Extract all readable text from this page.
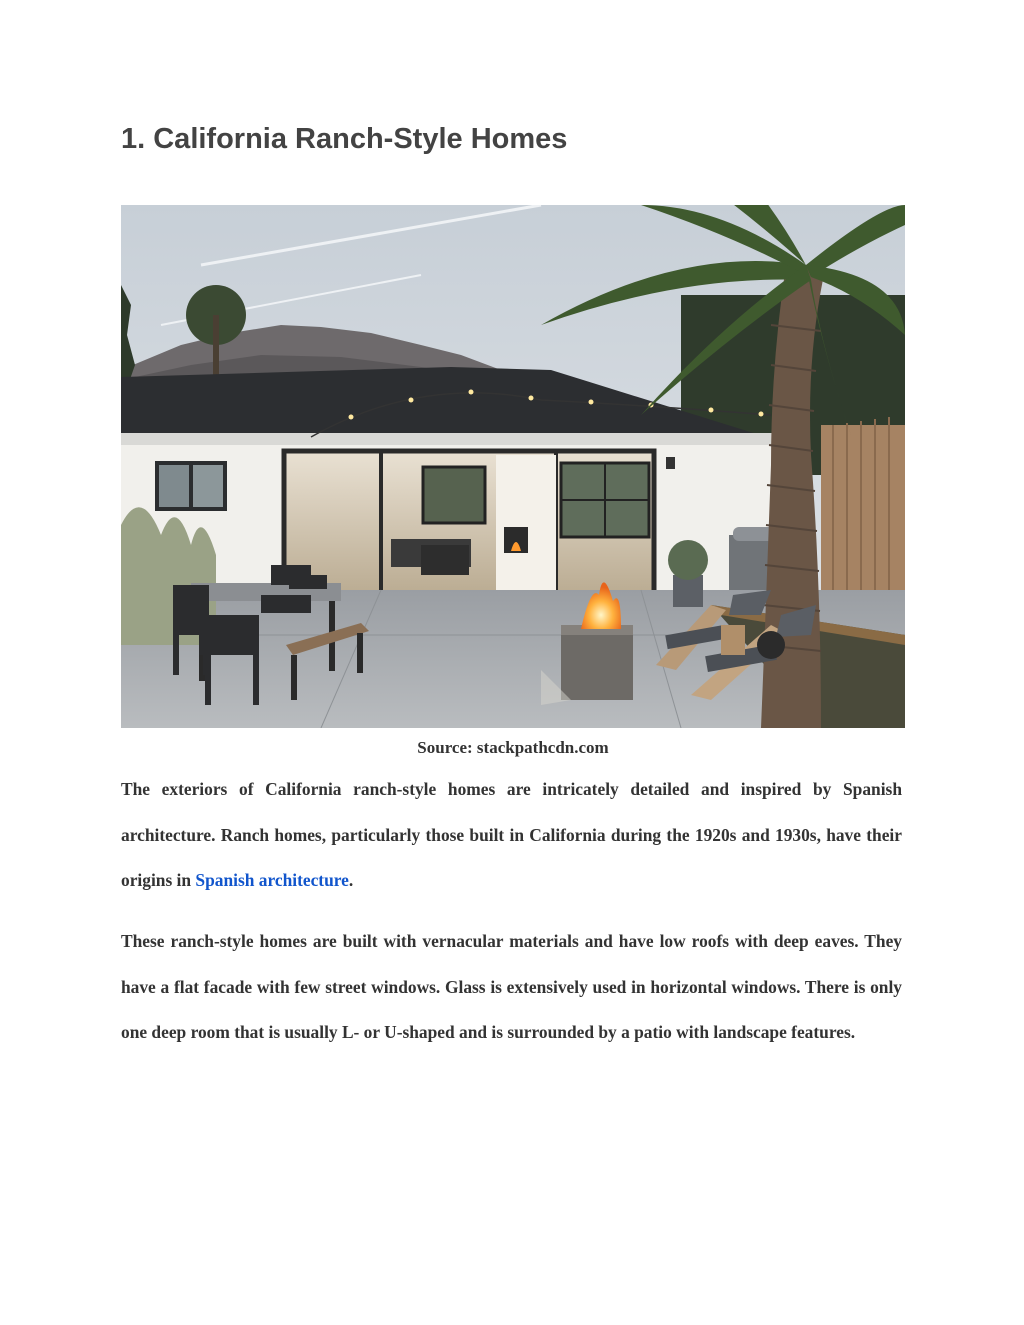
1. California Ranch-Style Homes
Source: stackpathcdn.com

The exteriors of California ranch-style homes are intricately detailed and inspired by Spanish architecture. Ranch homes, particularly those built in California during the 1920s and 1930s, have their origins in Spanish architecture.

These ranch-style homes are built with vernacular materials and have low roofs with deep eaves. They have a flat facade with few street windows. Glass is extensively used in horizontal windows. There is only one deep room that is usually L- or U-shaped and is surrounded by a patio with landscape features.
